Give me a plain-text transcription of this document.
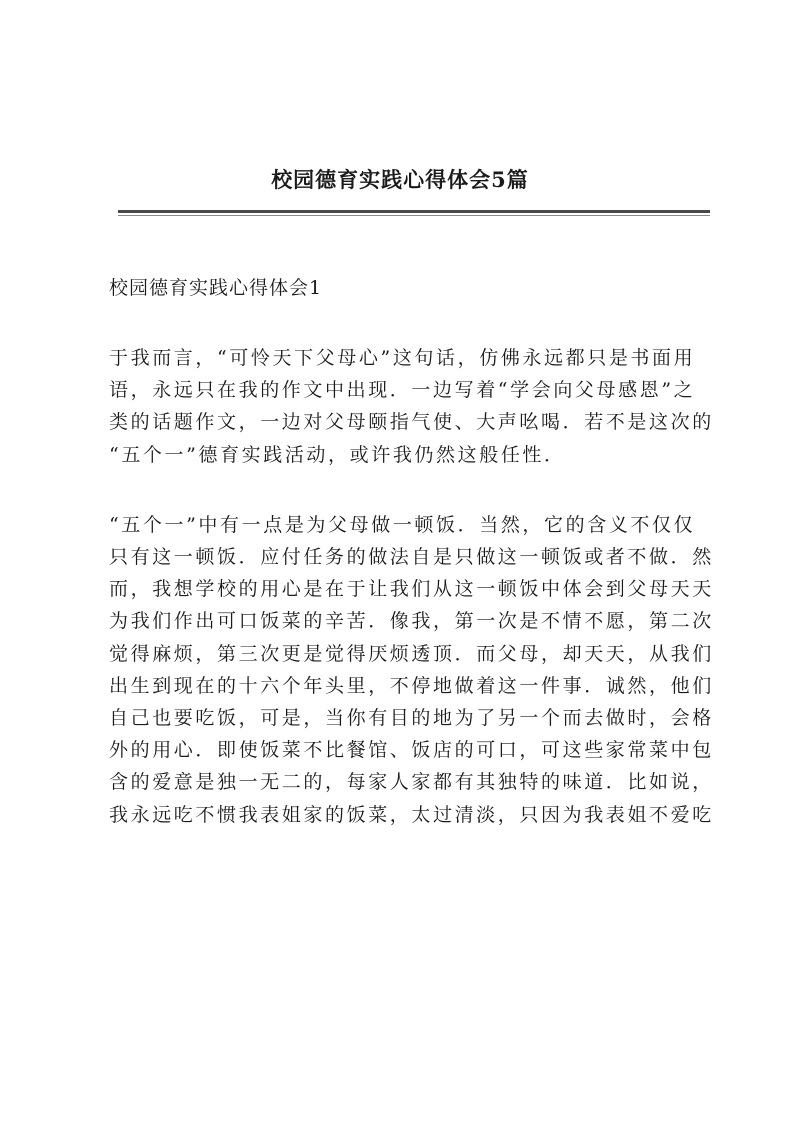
校园德育实践心得体会5篇
校园德育实践心得体会1
于我而言，“可怜天下父母心”这句话，仿佛永远都只是书面用
语，永远只在我的作文中出现．一边写着“学会向父母感恩”之
类的话题作文，一边对父母颐指气使、大声吆喝．若不是这次的
“五个一”德育实践活动，或许我仍然这般任性．
“五个一”中有一点是为父母做一顿饭．当然，它的含义不仅仅
只有这一顿饭．应付任务的做法自是只做这一顿饭或者不做．然
而，我想学校的用心是在于让我们从这一顿饭中体会到父母天天
为我们作出可口饭菜的辛苦．像我，第一次是不情不愿，第二次
觉得麻烦，第三次更是觉得厌烦透顶．而父母，却天天，从我们
出生到现在的十六个年头里，不停地做着这一件事．诚然，他们
自己也要吃饭，可是，当你有目的地为了另一个而去做时，会格
外的用心．即使饭菜不比餐馆、饭店的可口，可这些家常菜中包
含的爱意是独一无二的，每家人家都有其独特的味道．比如说，
我永远吃不惯我表姐家的饭菜，太过清淡，只因为我表姐不爱吃
